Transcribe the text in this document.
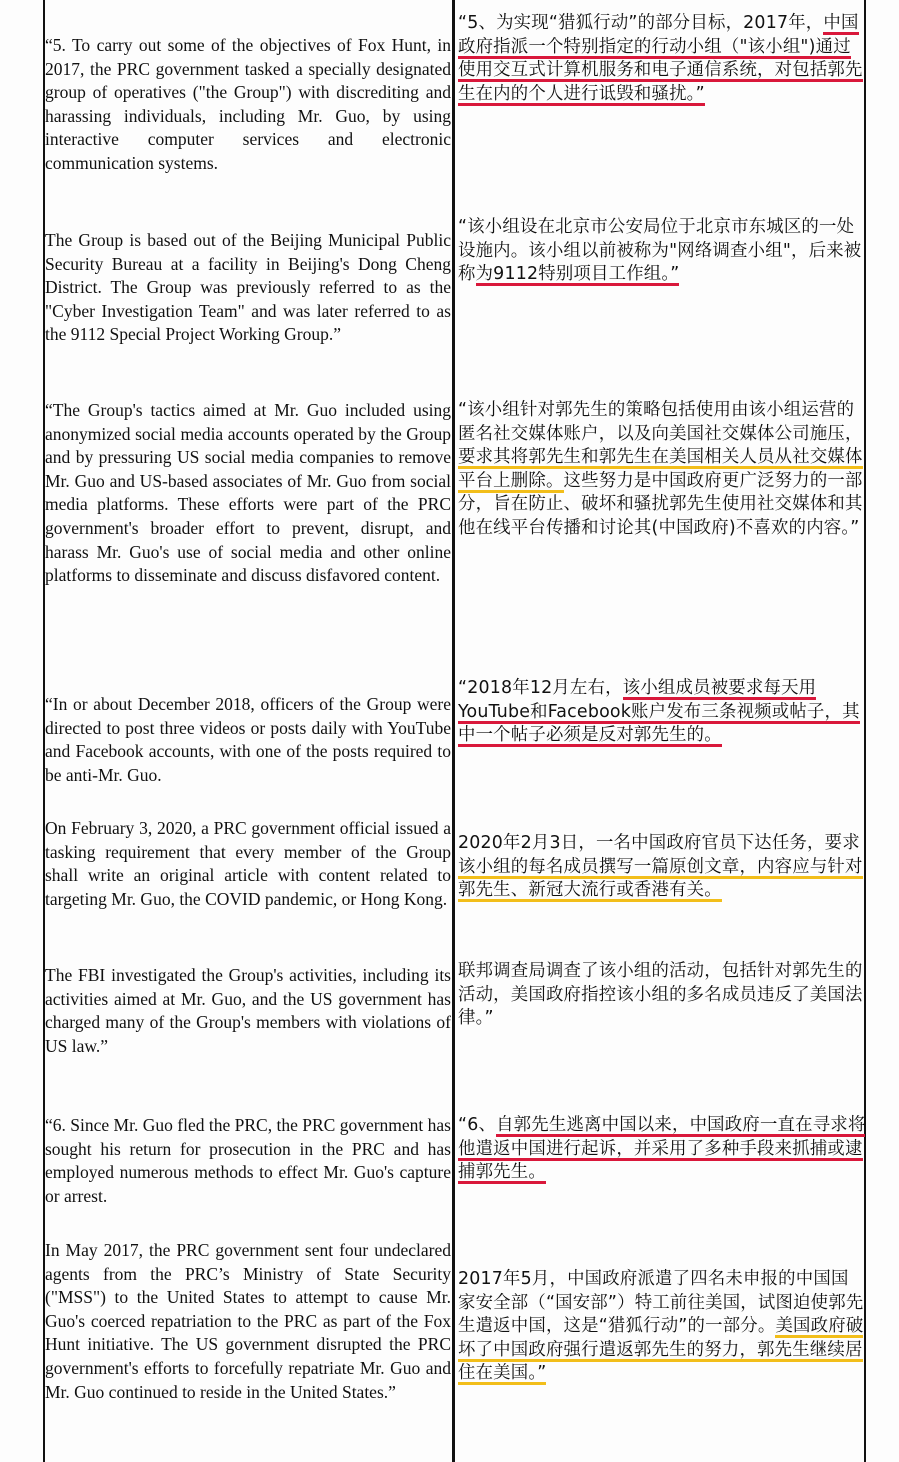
“5. To carry out some of the objectives of Fox Hunt, in 2017, the PRC government tasked a specially designated group of operatives ("the Group") with discrediting and harassing individuals, including Mr. Guo, by using interactive computer services and electronic communication systems.
“5、为实现“猎狐行动”的部分目标，2017年，中国政府指派一个特别指定的行动小组（"该小组")通过使用交互式计算机服务和电子通信系统，对包括郭先生在内的个人进行诋毁和骚扰。”
The Group is based out of the Beijing Municipal Public Security Bureau at a facility in Beijing's Dong Cheng District. The Group was previously referred to as the "Cyber Investigation Team" and was later referred to as the 9112 Special Project Working Group.”
“该小组设在北京市公安局位于北京市东城区的一处设施内。该小组以前被称为"网络调查小组"，后来被称为9112特别项目工作组。”
“The Group's tactics aimed at Mr. Guo included using anonymized social media accounts operated by the Group and by pressuring US social media companies to remove Mr. Guo and US-based associates of Mr. Guo from social media platforms. These efforts were part of the PRC government's broader effort to prevent, disrupt, and harass Mr. Guo's use of social media and other online platforms to disseminate and discuss disfavored content.
“该小组针对郭先生的策略包括使用由该小组运营的匿名社交媒体账户，以及向美国社交媒体公司施压，要求其将郭先生和郭先生在美国相关人员从社交媒体平台上删除。这些努力是中国政府更广泛努力的一部分，旨在防止、破坏和骚扰郭先生使用社交媒体和其他在线平台传播和讨论其(中国政府)不喜欢的内容。”
“In or about December 2018, officers of the Group were directed to post three videos or posts daily with YouTube and Facebook accounts, with one of the posts required to be anti-Mr. Guo.
“2018年12月左右，该小组成员被要求每天用YouTube和Facebook账户发布三条视频或帖子，其中一个帖子必须是反对郭先生的。
On February 3, 2020, a PRC government official issued a tasking requirement that every member of the Group shall write an original article with content related to targeting Mr. Guo, the COVID pandemic, or Hong Kong.
2020年2月3日，一名中国政府官员下达任务，要求该小组的每名成员撰写一篇原创文章，内容应与针对郭先生、新冠大流行或香港有关。
The FBI investigated the Group's activities, including its activities aimed at Mr. Guo, and the US government has charged many of the Group's members with violations of US law.”
联邦调查局调查了该小组的活动，包括针对郭先生的活动，美国政府指控该小组的多名成员违反了美国法律。”
“6. Since Mr. Guo fled the PRC, the PRC government has sought his return for prosecution in the PRC and has employed numerous methods to effect Mr. Guo's capture or arrest.
“6、自郭先生逃离中国以来，中国政府一直在寻求将他遣返中国进行起诉，并采用了多种手段来抓捕或逮捕郭先生。
In May 2017, the PRC government sent four undeclared agents from the PRC’s Ministry of State Security ("MSS") to the United States to attempt to cause Mr. Guo's coerced repatriation to the PRC as part of the Fox Hunt initiative. The US government disrupted the PRC government's efforts to forcefully repatriate Mr. Guo and Mr. Guo continued to reside in the United States.”
2017年5月，中国政府派遣了四名未申报的中国国家安全部（“国安部”）特工前往美国，试图迫使郭先生遣返中国，这是“猎狐行动”的一部分。美国政府破坏了中国政府强行遣返郭先生的努力，郭先生继续居住在美国。”
